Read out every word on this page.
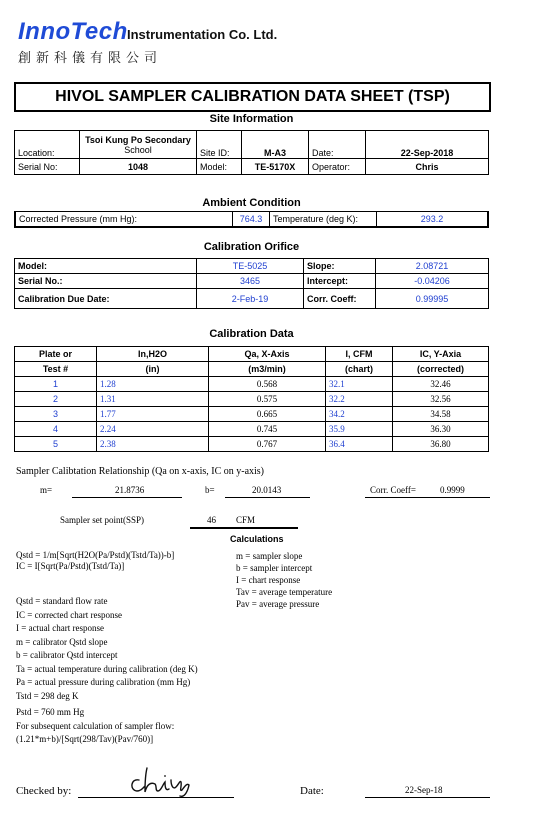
InnoTech Instrumentation Co. Ltd.
創新科儀有限公司
HIVOL SAMPLER CALIBRATION DATA SHEET (TSP)
Site Information
Location:	Tsoi Kung Po Secondary
School	Site ID:	M-A3	Date:	22-Sep-2018
Serial No:	1048	Model:	TE-5170X	Operator:	Chris
Ambient Condition
Corrected Pressure (mm Hg):	764.3	Temperature (deg K):	293.2
Calibration Orifice
Model:	TE-5025	Slope:	2.08721
Serial No.:	3465	Intercept:	-0.04206
Calibration Due Date:	2-Feb-19	Corr. Coeff:	0.99995
Calibration Data
Plate or	In,H2O	Qa, X-Axis	I, CFM	IC, Y-Axia
Test #	(in)	(m3/min)	(chart)	(corrected)
1	1.28	0.568	32.1	32.46
2	1.31	0.575	32.2	32.56
3	1.77	0.665	34.2	34.58
4	2.24	0.745	35.9	36.30
5	2.38	0.767	36.4	36.80
Sampler Calibtation Relationship (Qa on x-axis, IC on y-axis)
m=	21.8736	b=	20.0143	Corr. Coeff=	0.9999
Sampler set point(SSP)	46 CFM
Calculations
Qstd = 1/m[Sqrt(H2O(Pa/Pstd)(Tstd/Ta))-b]
IC = I[Sqrt(Pa/Pstd)(Tstd/Ta)]
m = sampler slope
b = sampler intercept
I = chart response
Tav = average temperature
Pav = average pressure
Qstd = standard flow rate
IC = corrected chart response
I = actual chart response
m = calibrator Qstd slope
b = calibrator Qstd intercept
Ta = actual temperature during calibration (deg K)
Pa = actual pressure during calibration (mm Hg)
Tstd = 298 deg K
Pstd = 760 mm Hg
For subsequent calculation of sampler flow:
(1.21*m+b)/[Sqrt(298/Tav)(Pav/760)]
Checked by:	Date:	22-Sep-18
